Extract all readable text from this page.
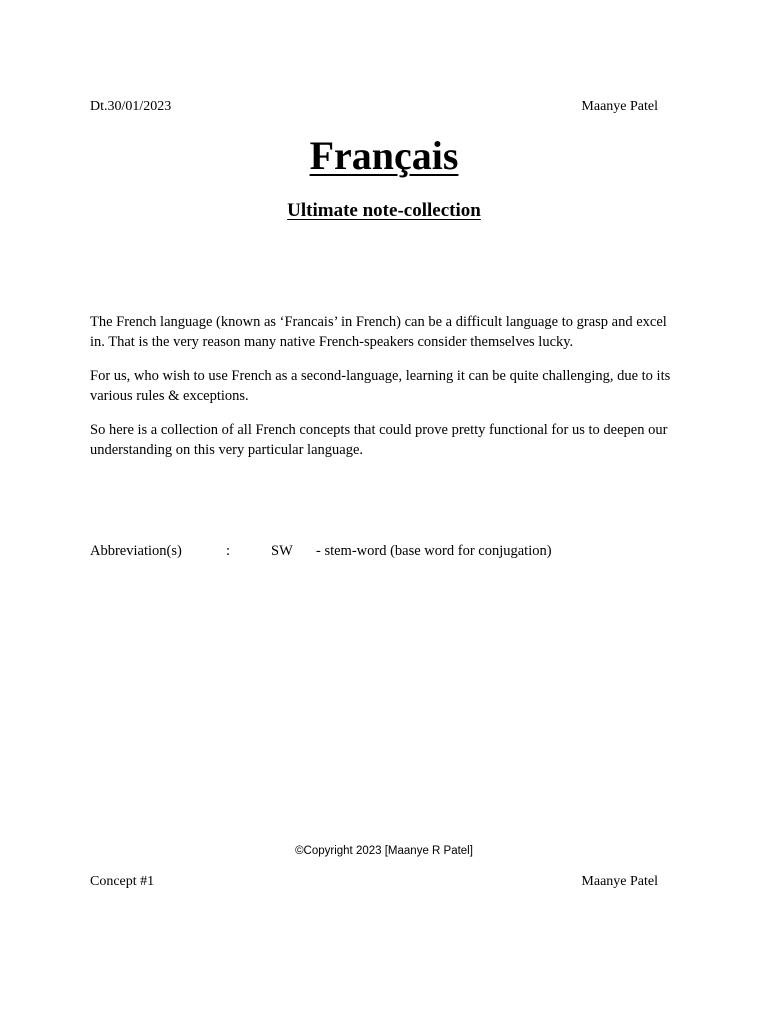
Dt.30/01/2023	Maanye Patel
Français
Ultimate note-collection

The French language (known as ‘Francais’ in French) can be a difficult language to grasp and excel in. That is the very reason many native French-speakers consider themselves lucky.

For us, who wish to use French as a second-language, learning it can be quite challenging, due to its various rules & exceptions.

So here is a collection of all French concepts that could prove pretty functional for us to deepen our understanding on this very particular language.

Abbreviation(s)	:	SW - stem-word (base word for conjugation)
©Copyright 2023 [Maanye R Patel]
Concept #1	Maanye Patel
